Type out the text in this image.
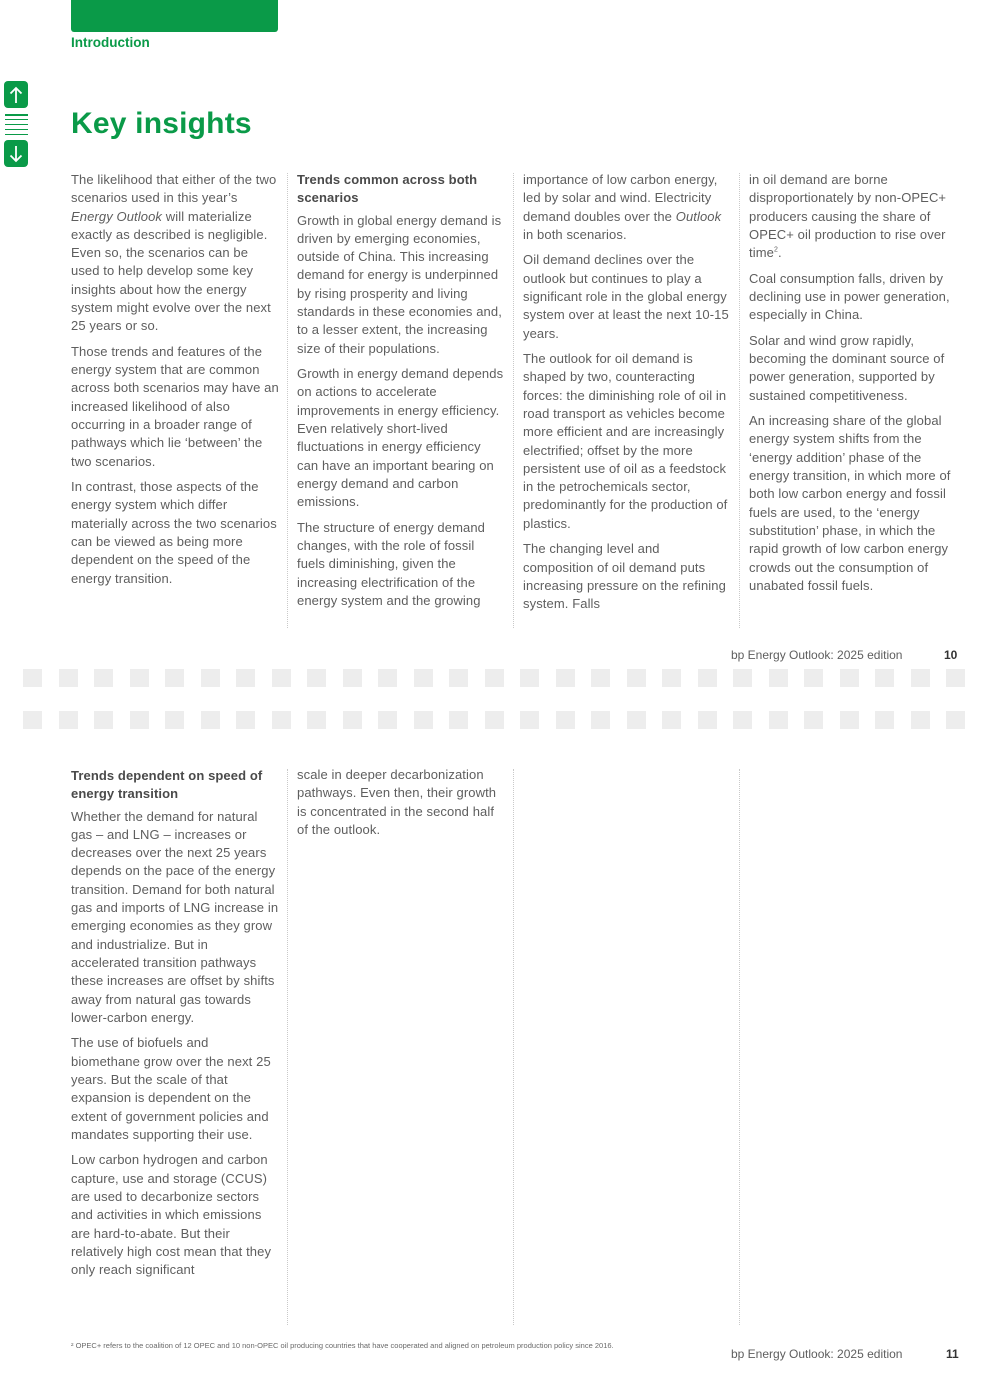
Introduction
Key insights

The likelihood that either of the two scenarios used in this year’s Energy Outlook will materialize exactly as described is negligible. Even so, the scenarios can be used to help develop some key insights about how the energy system might evolve over the next 25 years or so.

Those trends and features of the energy system that are common across both scenarios may have an increased likelihood of also occurring in a broader range of pathways which lie ‘between’ the two scenarios.

In contrast, those aspects of the energy system which differ materially across the two scenarios can be viewed as being more dependent on the speed of the energy transition.

Trends common across both scenarios

Growth in global energy demand is driven by emerging economies, outside of China. This increasing demand for energy is underpinned by rising prosperity and living standards in these economies and, to a lesser extent, the increasing size of their populations.

Growth in energy demand depends on actions to accelerate improvements in energy efficiency. Even relatively short-lived fluctuations in energy efficiency can have an important bearing on energy demand and carbon emissions.

The structure of energy demand changes, with the role of fossil fuels diminishing, given the increasing electrification of the energy system and the growing

importance of low carbon energy, led by solar and wind. Electricity demand doubles over the Outlook in both scenarios.

Oil demand declines over the outlook but continues to play a significant role in the global energy system over at least the next 10-15 years.

The outlook for oil demand is shaped by two, counteracting forces: the diminishing role of oil in road transport as vehicles become more efficient and are increasingly electrified; offset by the more persistent use of oil as a feedstock in the petrochemicals sector, predominantly for the production of plastics.

The changing level and composition of oil demand puts increasing pressure on the refining system. Falls

in oil demand are borne disproportionately by non-OPEC+ producers causing the share of OPEC+ oil production to rise over time$^2$.

Coal consumption falls, driven by declining use in power generation, especially in China.

Solar and wind grow rapidly, becoming the dominant source of power generation, supported by sustained competitiveness.

An increasing share of the global energy system shifts from the ‘energy addition’ phase of the energy transition, in which more of both low carbon energy and fossil fuels are used, to the ‘energy substitution’ phase, in which the rapid growth of low carbon energy crowds out the consumption of unabated fossil fuels.

bp Energy Outlook: 2025 edition	10
Trends dependent on speed of energy transition

Whether the demand for natural gas – and LNG – increases or decreases over the next 25 years depends on the pace of the energy transition. Demand for both natural gas and imports of LNG increase in emerging economies as they grow and industrialize. But in accelerated transition pathways these increases are offset by shifts away from natural gas towards lower-carbon energy.

The use of biofuels and biomethane grow over the next 25 years. But the scale of that expansion is dependent on the extent of government policies and mandates supporting their use.

Low carbon hydrogen and carbon capture, use and storage (CCUS) are used to decarbonize sectors and activities in which emissions are hard-to-abate. But their relatively high cost mean that they only reach significant

scale in deeper decarbonization pathways. Even then, their growth is concentrated in the second half of the outlook.

² OPEC+ refers to the coalition of 12 OPEC and 10 non-OPEC oil producing countries that have cooperated and aligned on petroleum production policy since 2016.
bp Energy Outlook: 2025 edition	11
